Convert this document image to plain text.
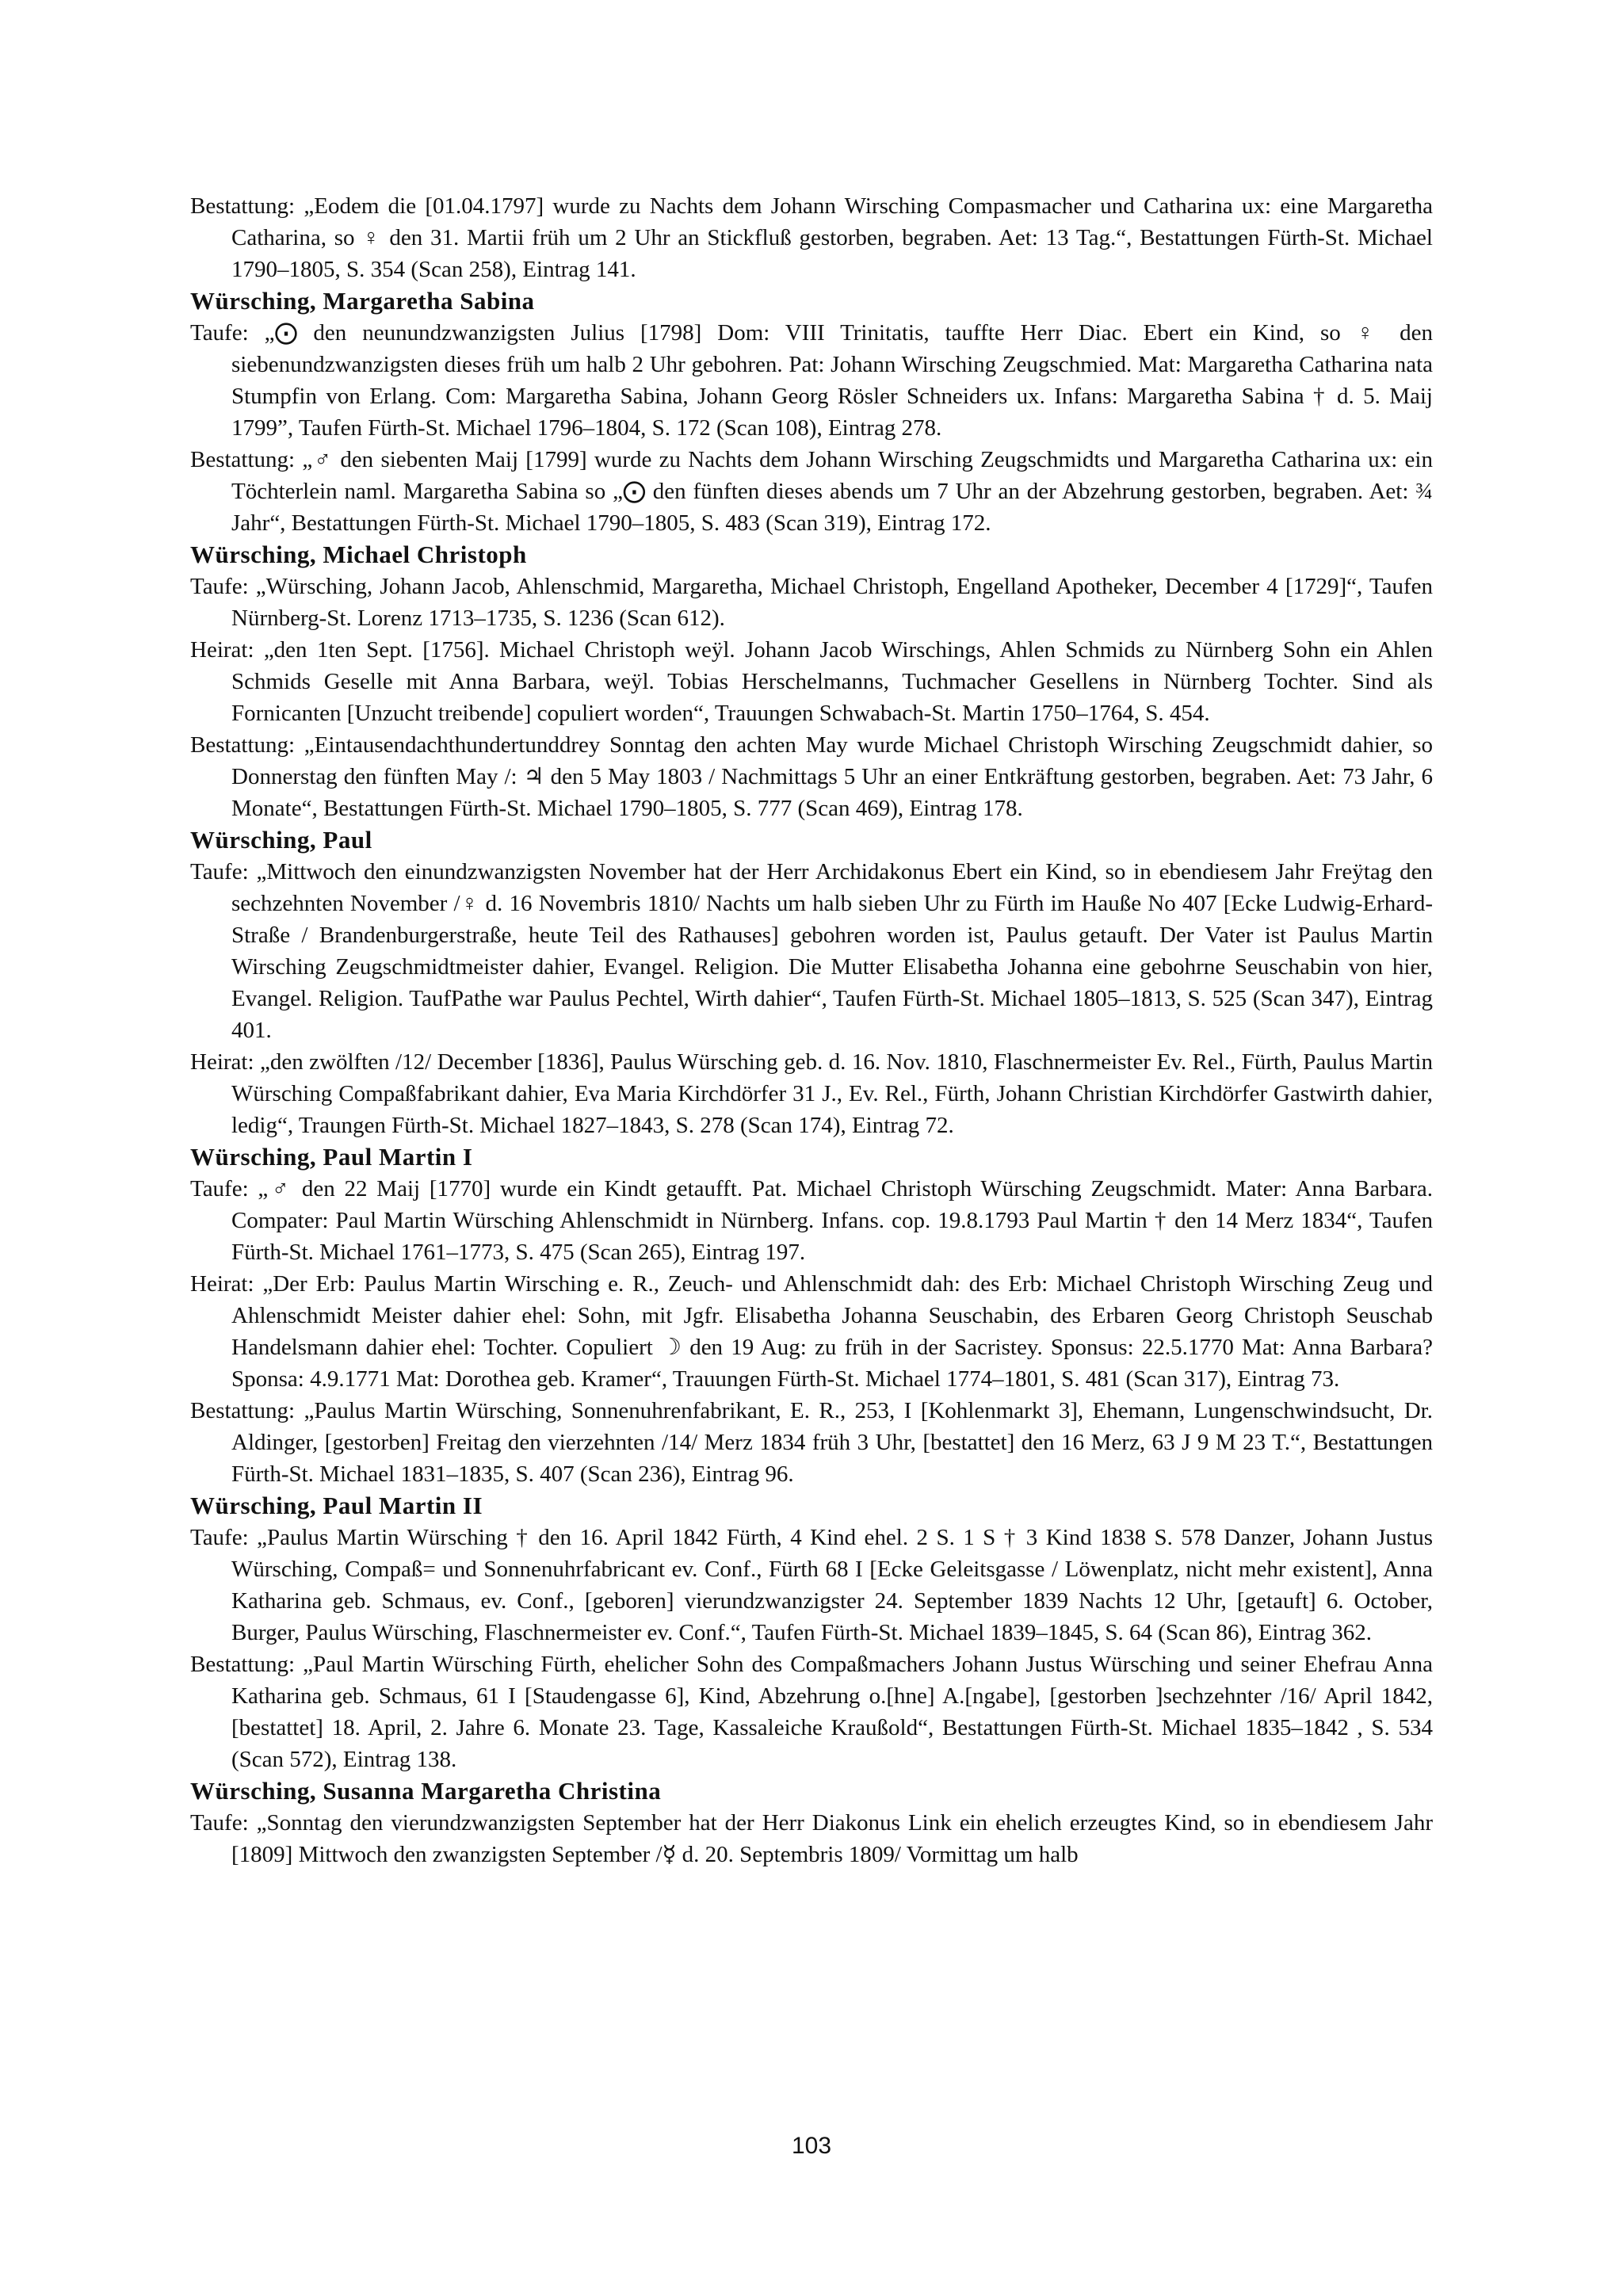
Bestattung: „Eodem die [01.04.1797] wurde zu Nachts dem Johann Wirsching Compasmacher und Catharina ux: eine Margaretha Catharina, so ♀ den 31. Martii früh um 2 Uhr an Stickfluß gestorben, begraben. Aet: 13 Tag.“, Bestattungen Fürth-St. Michael 1790–1805, S. 354 (Scan 258), Eintrag 141.

Würsching, Margaretha Sabina

Taufe: „⨀ den neunundzwanzigsten Julius [1798] Dom: VIII Trinitatis, tauffte Herr Diac. Ebert ein Kind, so ♀ den siebenundzwanzigsten dieses früh um halb 2 Uhr gebohren. Pat: Johann Wirsching Zeugschmied. Mat: Margaretha Catharina nata Stumpfin von Erlang. Com: Margaretha Sabina, Johann Georg Rösler Schneiders ux. Infans: Margaretha Sabina † d. 5. Maij 1799”, Taufen Fürth-St. Michael 1796–1804, S. 172 (Scan 108), Eintrag 278.

Bestattung: „♂ den siebenten Maij [1799] wurde zu Nachts dem Johann Wirsching Zeugschmidts und Margaretha Catharina ux: ein Töchterlein naml. Margaretha Sabina so „⨀ den fünften dieses abends um 7 Uhr an der Abzehrung gestorben, begraben. Aet: ¾ Jahr“, Bestattungen Fürth-St. Michael 1790–1805, S. 483 (Scan 319), Eintrag 172.

Würsching, Michael Christoph

Taufe: „Würsching, Johann Jacob, Ahlenschmid, Margaretha, Michael Christoph, Engelland Apotheker, December 4 [1729]“, Taufen Nürnberg-St. Lorenz 1713–1735, S. 1236 (Scan 612).

Heirat: „den 1ten Sept. [1756]. Michael Christoph weÿl. Johann Jacob Wirschings, Ahlen Schmids zu Nürnberg Sohn ein Ahlen Schmids Geselle mit Anna Barbara, weÿl. Tobias Herschelmanns, Tuchmacher Gesellens in Nürnberg Tochter. Sind als Fornicanten [Unzucht treibende] copuliert worden“, Trauungen Schwabach-St. Martin 1750–1764, S. 454.

Bestattung: „Eintausendachthundertunddrey Sonntag den achten May wurde Michael Christoph Wirsching Zeugschmidt dahier, so Donnerstag den fünften May /: ♃ den 5 May 1803 / Nachmittags 5 Uhr an einer Entkräftung gestorben, begraben. Aet: 73 Jahr, 6 Monate“, Bestattungen Fürth-St. Michael 1790–1805, S. 777 (Scan 469), Eintrag 178.

Würsching, Paul

Taufe: „Mittwoch den einundzwanzigsten November hat der Herr Archidakonus Ebert ein Kind, so in ebendiesem Jahr Freÿtag den sechzehnten November /♀ d. 16 Novembris 1810/ Nachts um halb sieben Uhr zu Fürth im Hauße No 407 [Ecke Ludwig-Erhard-Straße / Brandenburgerstraße, heute Teil des Rathauses] gebohren worden ist, Paulus getauft. Der Vater ist Paulus Martin Wirsching Zeugschmidtmeister dahier, Evangel. Religion. Die Mutter Elisabetha Johanna eine gebohrne Seuschabin von hier, Evangel. Religion. TaufPathe war Paulus Pechtel, Wirth dahier“, Taufen Fürth-St. Michael 1805–1813, S. 525 (Scan 347), Eintrag 401.

Heirat: „den zwölften /12/ December [1836], Paulus Würsching geb. d. 16. Nov. 1810, Flaschnermeister Ev. Rel., Fürth, Paulus Martin Würsching Compaßfabrikant dahier, Eva Maria Kirchdörfer 31 J., Ev. Rel., Fürth, Johann Christian Kirchdörfer Gastwirth dahier, ledig“, Traungen Fürth-St. Michael 1827–1843, S. 278 (Scan 174), Eintrag 72.

Würsching, Paul Martin I

Taufe: „♂ den 22 Maij [1770] wurde ein Kindt getaufft. Pat. Michael Christoph Würsching Zeugschmidt. Mater: Anna Barbara. Compater: Paul Martin Würsching Ahlenschmidt in Nürnberg. Infans. cop. 19.8.1793 Paul Martin † den 14 Merz 1834“, Taufen Fürth-St. Michael 1761–1773, S. 475 (Scan 265), Eintrag 197.

Heirat: „Der Erb: Paulus Martin Wirsching e. R., Zeuch- und Ahlenschmidt dah: des Erb: Michael Christoph Wirsching Zeug und Ahlenschmidt Meister dahier ehel: Sohn, mit Jgfr. Elisabetha Johanna Seuschabin, des Erbaren Georg Christoph Seuschab Handelsmann dahier ehel: Tochter. Copuliert ☽ den 19 Aug: zu früh in der Sacristey. Sponsus: 22.5.1770 Mat: Anna Barbara? Sponsa: 4.9.1771 Mat: Dorothea geb. Kramer“, Trauungen Fürth-St. Michael 1774–1801, S. 481 (Scan 317), Eintrag 73.

Bestattung: „Paulus Martin Würsching, Sonnenuhrenfabrikant, E. R., 253, I [Kohlenmarkt 3], Ehemann, Lungenschwindsucht, Dr. Aldinger, [gestorben] Freitag den vierzehnten /14/ Merz 1834 früh 3 Uhr, [bestattet] den 16 Merz, 63 J 9 M 23 T.“, Bestattungen Fürth-St. Michael 1831–1835, S. 407 (Scan 236), Eintrag 96.

Würsching, Paul Martin II

Taufe: „Paulus Martin Würsching † den 16. April 1842 Fürth, 4 Kind ehel. 2 S. 1 S † 3 Kind 1838 S. 578 Danzer, Johann Justus Würsching, Compaß= und Sonnenuhrfabricant ev. Conf., Fürth 68 I [Ecke Geleitsgasse / Löwenplatz, nicht mehr existent], Anna Katharina geb. Schmaus, ev. Conf., [geboren] vierundzwanzigster 24. September 1839 Nachts 12 Uhr, [getauft] 6. October, Burger, Paulus Würsching, Flaschnermeister ev. Conf.“, Taufen Fürth-St. Michael 1839–1845, S. 64 (Scan 86), Eintrag 362.

Bestattung: „Paul Martin Würsching Fürth, ehelicher Sohn des Compaßmachers Johann Justus Würsching und seiner Ehefrau Anna Katharina geb. Schmaus, 61 I [Staudengasse 6], Kind, Abzehrung o.[hne] A.[ngabe], [gestorben ]sechzehnter /16/ April 1842, [bestattet] 18. April, 2. Jahre 6. Monate 23. Tage, Kassaleiche Kraußold“, Bestattungen Fürth-St. Michael 1835–1842 , S. 534 (Scan 572), Eintrag 138.

Würsching, Susanna Margaretha Christina

Taufe: „Sonntag den vierundzwanzigsten September hat der Herr Diakonus Link ein ehelich erzeugtes Kind, so in ebendiesem Jahr [1809] Mittwoch den zwanzigsten September /☿ d. 20. Septembris 1809/ Vormittag um halb

103
